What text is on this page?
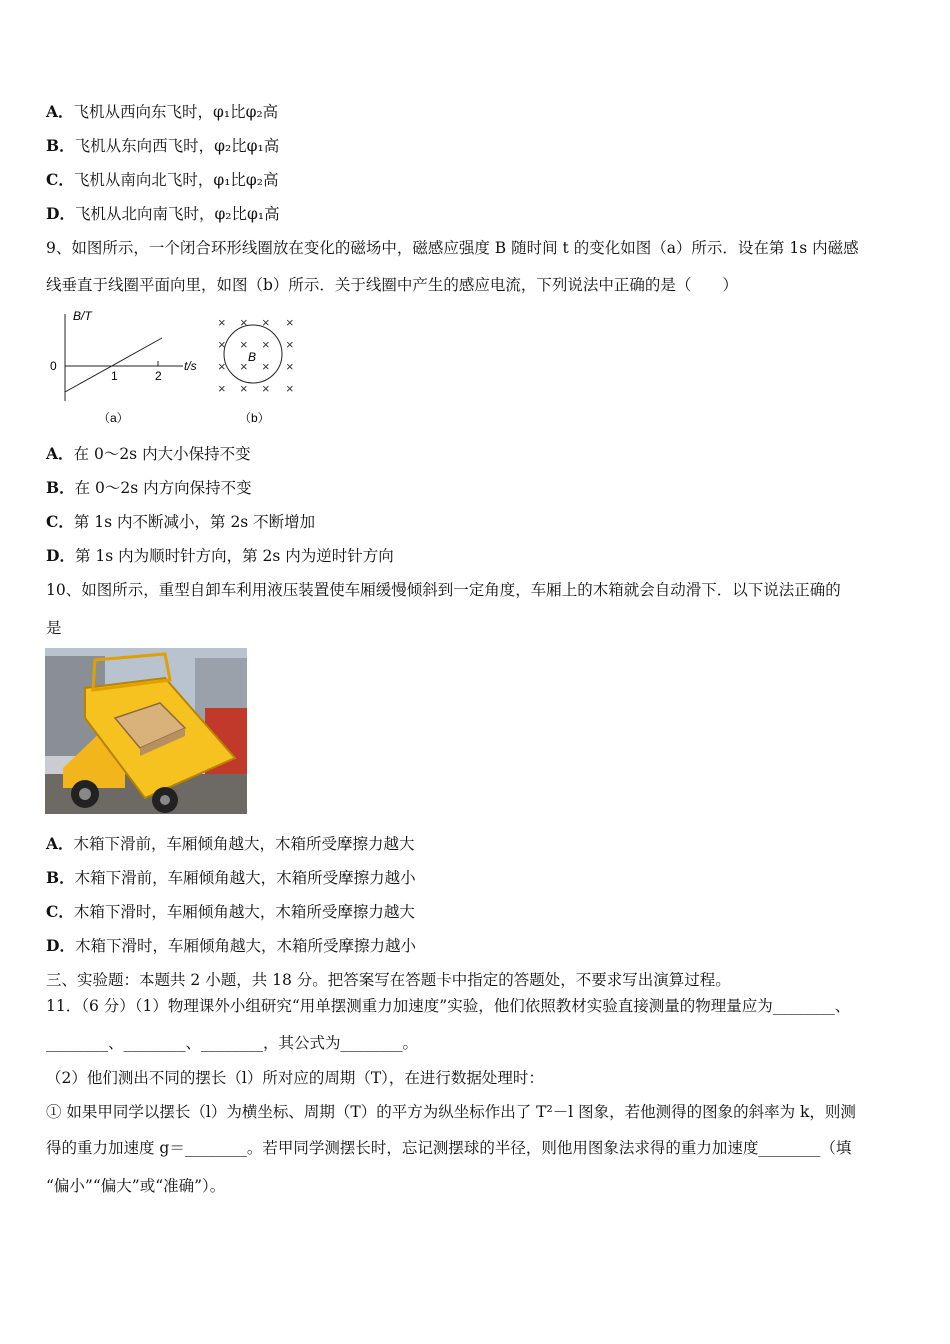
A．飞机从西向东飞时，φ₁比φ₂高
B．飞机从东向西飞时，φ₂比φ₁高
C．飞机从南向北飞时，φ₁比φ₂高
D．飞机从北向南飞时，φ₂比φ₁高
9、如图所示，一个闭合环形线圈放在变化的磁场中，磁感应强度 B 随时间 t 的变化如图（a）所示．设在第 1s 内磁感
线垂直于线圈平面向里，如图（b）所示．关于线圈中产生的感应电流，下列说法中正确的是（　　）
B/T
t/s
0
1	2
（a）
B
（b）
× × × ×
× × × ×
× × × ×
× × × ×
A．在 0～2s 内大小保持不变
B．在 0～2s 内方向保持不变
C．第 1s 内不断减小，第 2s 不断增加
D．第 1s 内为顺时针方向，第 2s 内为逆时针方向
10、如图所示，重型自卸车利用液压装置使车厢缓慢倾斜到一定角度，车厢上的木箱就会自动滑下．以下说法正确的
是
A．木箱下滑前，车厢倾角越大，木箱所受摩擦力越大
B．木箱下滑前，车厢倾角越大，木箱所受摩擦力越小
C．木箱下滑时，车厢倾角越大，木箱所受摩擦力越大
D．木箱下滑时，车厢倾角越大，木箱所受摩擦力越小
三、实验题：本题共 2 小题，共 18 分。把答案写在答题卡中指定的答题处，不要求写出演算过程。
11．（6 分）（1）物理课外小组研究“用单摆测重力加速度”实验，他们依照教材实验直接测量的物理量应为________、
________、________、________，其公式为________。
（2）他们测出不同的摆长（l）所对应的周期（T），在进行数据处理时：
① 如果甲同学以摆长（l）为横坐标、周期（T）的平方为纵坐标作出了 T²－l 图象，若他测得的图象的斜率为 k，则测
得的重力加速度 g＝________。若甲同学测摆长时，忘记测摆球的半径，则他用图象法求得的重力加速度________（填
“偏小”“偏大”或“准确”）。
